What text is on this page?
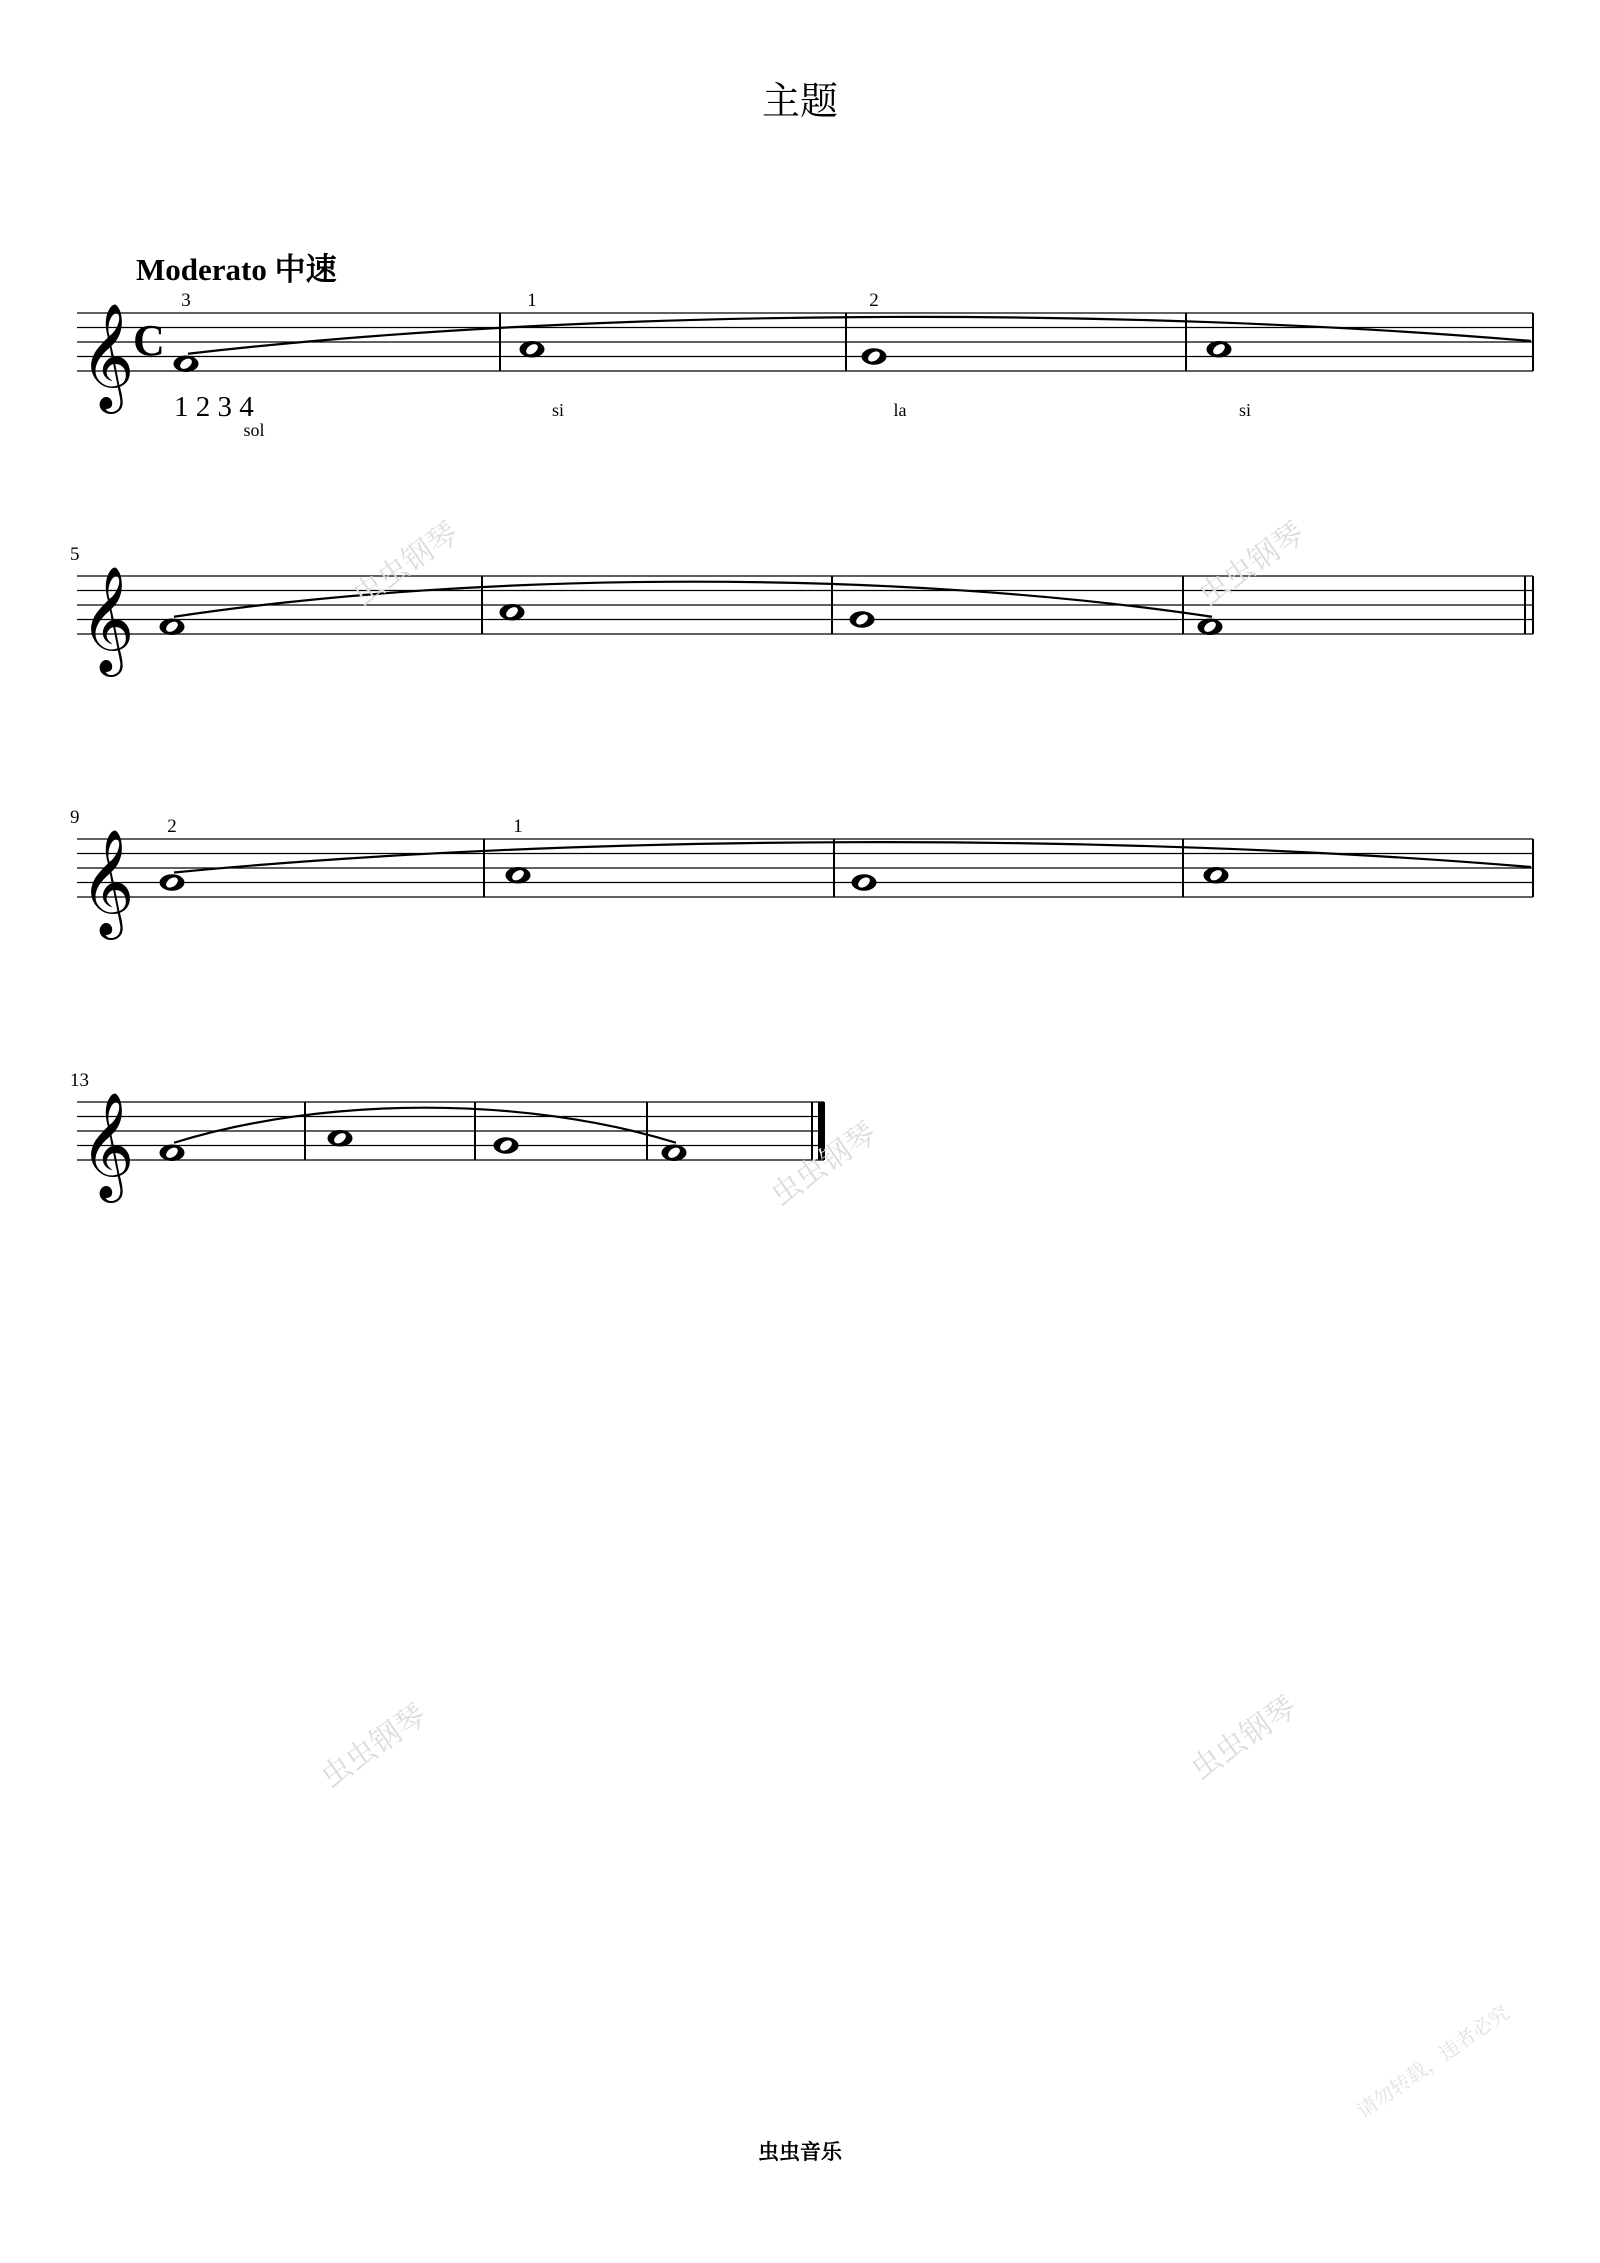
主题
Moderato 中速
𝄞
C
1 2 3 4
3
sol
1
si
2
la	si
𝄞
5
𝄞
9	2	1
𝄞
13
虫虫钢琴	虫虫钢琴
虫虫钢琴
虫虫钢琴	虫虫钢琴
请勿转载，违者必究
虫虫音乐
